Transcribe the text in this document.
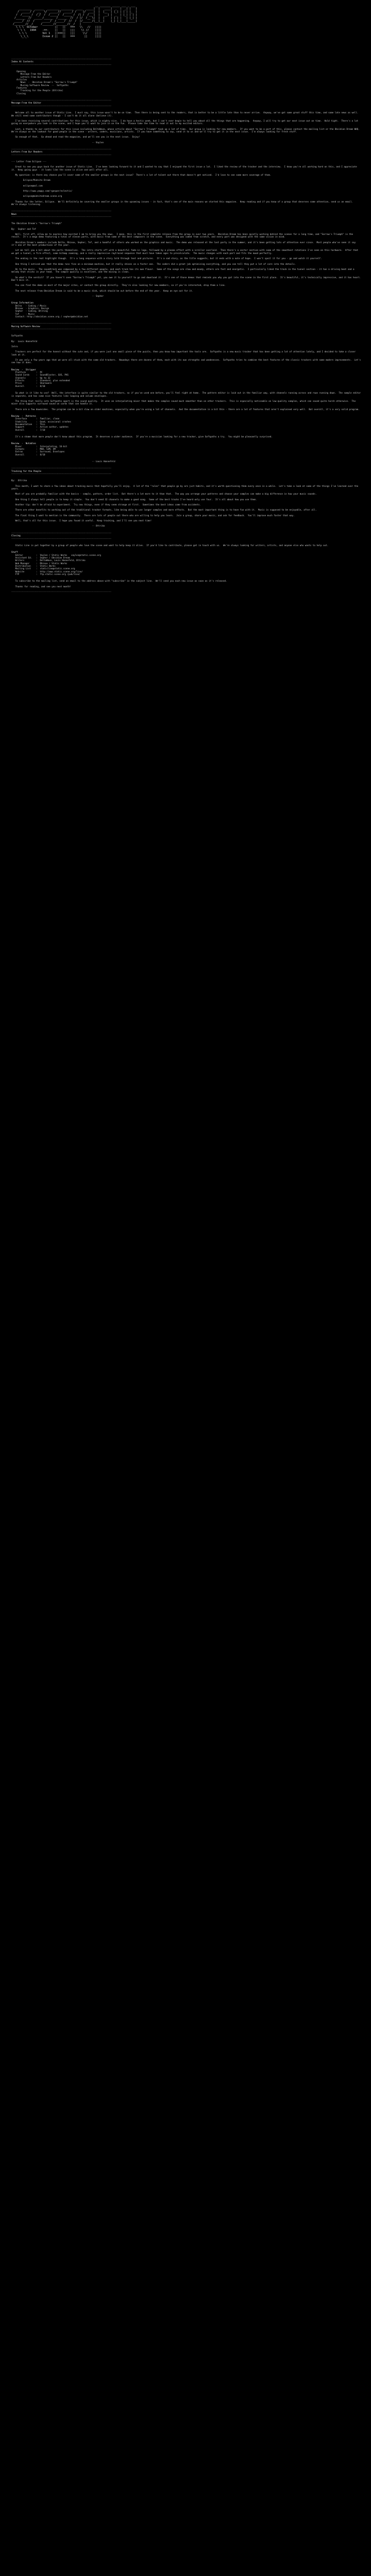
__ _______ _____ ___ _ ___
________  ______  ________ ________  ____  _____|  |   ____|  _  |  _| |   |
/  _____/ /  __  \/  _____//  _____/ /    |/  ___|  |  |__  | |_| | | | |_  |
/  /_____ /  /_/  /  /_____/  /_____ /  /| /  /__ |  |   __| |  _  | |_| | | |
/______  //  _____/______  /______  //  / |/  /__ \|  |  |    | | | |   | |_| |
_____/  //  /     _____/  /_____/  //  /  |/______/|__|__|    |_| |_|___|_____|
/_______//__/     /_______//_______//__/   |
\ \ \  October           ||   ||   ===   \\   //   ||||
\ \ \   1994    -==-    ||   ||   |||    \\ //    ||||
\ \ \          Vol 1   ||===||   |||     \\/     ||||
\_\_\         Issue 2 ||   ||   ===      ||     ||||
-----------------------------------------------------------------------------
Index At Contents
-----------------------------------------------------------------------------
Opening
Message From the Editor
Letters From Our Readers
Articles
News  -  Obsidian Dream's "Sorrow's Triumph"
Musing Software Review  --  Softpaths
Features
Tracking for the People (Ottriko)
Closing
-----------------------------------------------------------------------------
Message From the Editor
-----------------------------------------------------------------------------

Welcome all to another issue of Static Line.  I must say, this issue wasn't to be on time.  Then there is being sent to the readers, that is better to be a little late than to never arrive.  Anyway, we've got some great stuff this time, and some late news as well.  We still need some contributors though - I can't do it all alone (believe it).

I've been receiving several contributions for this issue, which is mighty nice.  I do have a hectic week, but I can't ever begin to tell you about all the things that are happening.  Anyway, I will try to get our next issue out on time.  Hold tight.  There's a lot going on everywhere you look in the scene, and I hope you'll want to join in on the fun.  Please take the time to read it out to my excited editors.

Last, a thanks to our contributors for this issue including DeltaWave, whose article about "Sorrow's Triumph" took up a lot of time.  Our group is looking for new members.  If you want to be a part of this, please contact the mailing list or the Obsidian Dream WHQ.  We're always on the lookout for good people in the scene - writers, coders, musicians, artists.  If you have something to say, send it to us and we'll try to get it in the next issue.  I'm always looking for fresh stuff.

So enough of that.  Go ahead and read the magazine, and we'll see you in the next issue.  Enjoy!

-- Vaylen

-----------------------------------------------------------------------------
Letters From Our Readers
-----------------------------------------------------------------------------

--- Letter from Eclipse ---

Great to see you guys back for another issue of Static Line.  I've been looking forward to it and I wanted to say that I enjoyed the first issue a lot.  I liked the review of the tracker and the interview.  I know you're all working hard on this, and I appreciate it.  Keep going guys - it looks like the scene is alive and well after all.

My question: is there any chance you'll cover some of the smaller groups in the next issue?  There's a lot of talent out there that doesn't get noticed.  I'd love to see some more coverage of them.

Eclipse/Midnite Dream

eclipse@aol.com

http://www.yappy.com/~gaspar/eclectic/

eclipse@midnitedream.scene.org

Thanks for the letter, Eclipse.  We'll definitely be covering the smaller groups in the upcoming issues - in fact, that's one of the main reasons we started this magazine.  Keep reading and if you know of a group that deserves some attention, send us an email.  We're always listening.

-----------------------------------------------------------------------------
News
-----------------------------------------------------------------------------

The Obsidian Dream's "Sorrow's Triumph"

By:  Sepher and Tef

Well, first off, allow me to express how excited I am to bring you the news.  I mean, this is the first complete release from the group in over two years.  Obsidian Dream has been quietly working behind the scenes for a long time, and "Sorrow's Triumph" is the result.  It's a mega demo featuring a total of eleven parts, with music from some of the best composers in the scene.  Everything was coded from scratch, and every part was designed with the same vision in mind.

Obsidian Dream's members include Delta, Rhinox, Sepher, Tef, and a handful of others who worked on the graphics and music.  The demo was released at the last party in the summer, and it's been getting lots of attention ever since.  Most people who've seen it say it's one of the best productions of the year.

Let me tell you a bit about the parts themselves.  The intro starts off with a beautiful fade-in logo, followed by a plasma effect with a scroller overlaid.  Then there's a vector section with some of the smoothest rotations I've seen on this hardware.  After that we get a tunnel, a fire effect, some bitmap zooming, and a really impressive raytraced sequence that must have taken ages to precalculate.  The music changes with each part and fits the mood perfectly.

The ending is the real highlight though.  It's a long sequence with a story told through text and pictures.  It's a sad story, as the title suggests, but it ends with a note of hope.  I won't spoil it for you - go and watch it yourself.

One thing I noticed was that the demo runs fine on a minimum machine, but it really shines on a faster one.  The coders did a great job optimizing everything, and you can tell they put a lot of care into the details.

On to the music.  The soundtrack was composed by a few different people, and each track has its own flavor.  Some of the songs are slow and moody, others are fast and energetic.  I particularly liked the track in the tunnel section - it has a driving beat and a melody that sticks in your head.  The sample quality is excellent, and the mixing is clean.

So what's the verdict?  If you haven't seen "Sorrow's Triumph" yet, you owe it to yourself to go and download it.  It's one of those demos that reminds you why you got into the scene in the first place.  It's beautiful, it's technically impressive, and it has heart.  Don't miss it.

You can find the demo on most of the major sites, or contact the group directly.  They're also looking for new members, so if you're interested, drop them a line.

The next release from Obsidian Dream is said to be a music disk, which should be out before the end of the year.  Keep an eye out for it.

-- Sepher

Group Information
Delta   - Coding / Music
Rhinox  - Graphics, Design
Sepher  - Coding, Writing
Tef     - Music
Contact: http://obsidian.scene.org / sepher@obsidian.net
-----------------------------------------------------------------------------
Musing Software Review
-----------------------------------------------------------------------------

Softpaths

By:  Louis Hannefeld

Intro

Trackers are perfect for the honest without the cute and, if you were just one small piece of the puzzle, then you know how important the tools are.  Softpaths is a new music tracker that has been getting a lot of attention lately, and I decided to take a closer look at it.

It was only a few years ago that we were all stuck with the same old trackers.  Nowadays there are dozens of them, each with its own strengths and weaknesses.  Softpaths tries to combine the best features of the classic trackers with some modern improvements.  Let's see how it does.

Review  -  Stripper
Platform        :  PC
Sound Cards     :  SoundBlaster, GUS, PAS
Channels        :  Up to 32
Effects         :  Standard, plus extended
Price           :  Shareware
Overall         :  8/10

So what is it like to use?  Well, the interface is quite similar to the old trackers, so if you've used one before, you'll feel right at home.  The pattern editor is laid out in the familiar way, with channels running across and rows running down.  The sample editor is separate, and has some nice features like looping and volume envelopes.

The thing that really sets Softpaths apart is the sound quality.  It uses an interpolating mixer that makes the samples sound much smoother than on other trackers.  This is especially noticeable on low-quality samples, which can sound quite harsh otherwise.  The mixer also supports surround sound on cards that can handle it.

There are a few downsides.  The program can be a bit slow on older machines, especially when you're using a lot of channels.  And the documentation is a bit thin - there are a lot of features that aren't explained very well.  But overall, it's a very solid program.

Review  -  Patterns
Interface       :  Familiar, clean
Stability       :  Good, occasional crashes
Documentation   :  Thin
Support         :  Active author, updates
Overall         :  7/10

It's a shame that more people don't know about this program.  It deserves a wider audience.  If you're a musician looking for a new tracker, give Softpaths a try.  You might be pleasantly surprised.

Review  -  Notables
Mixer           :  Interpolating, 16-bit
Formats         :  MOD, S3M, XM
Extras          :  Surround, Envelopes
Overall         :  8/10

-- Louis Hannefeld

-----------------------------------------------------------------------------
Tracking for the People
-----------------------------------------------------------------------------

By:  Ottriko

This month, I want to share a few ideas about tracking music that hopefully you'll enjoy.  A lot of the "rules" that people go by are just habits, and it's worth questioning them every once in a while.  Let's take a look at some of the things I've learned over the years.

Most of you are probably familiar with the basics - sample, pattern, order list.  But there's a lot more to it than that.  The way you arrange your patterns and choose your samples can make a big difference in how your music sounds.

One thing I always tell people is to keep it simple.  You don't need 32 channels to make a good song.  Some of the best tracks I've heard only use four.  It's all about how you use them.

Another tip: don't be afraid to experiment.  Try new things, even if they seem strange at first.  Sometimes the best ideas come from accidents.

There are other benefits to working out of the traditional tracker formats, like being able to use longer samples and more effects.  But the most important thing is to have fun with it.  Music is supposed to be enjoyable, after all.

The final thing I want to mention is the community.  There are lots of people out there who are willing to help you learn.  Join a group, share your music, and ask for feedback.  You'll improve much faster that way.

Well, that's all for this issue.  I hope you found it useful.  Keep tracking, and I'll see you next time!

-- Ottriko

-----------------------------------------------------------------------------
Closing
-----------------------------------------------------------------------------

Static Line is put together by a group of people who love the scene and want to help keep it alive.  If you'd like to contribute, please get in touch with us.  We're always looking for writers, artists, and anyone else who wants to help out.

Staff
Editor          :  Vaylen / Static Works   vaylen@static.scene.org
Assistant Ed.   :  Sepher / Obsidian Dream
Writers         :  DeltaWave, Louis Hannefeld, Ottriko
Web Manager     :  Rhinox / Static Works
Distribution    :  Static Works
Mailing List    :  staticline@static.scene.org
Website         :  http://www.static.scene.org/line/
FTP             :  ftp.static.scene.org /pub/line/

To subscribe to the mailing list, send an email to the address above with "subscribe" in the subject line.  We'll send you each new issue as soon as it's released.

Thanks for reading, and see you next month!

-----------------------------------------------------------------------------
